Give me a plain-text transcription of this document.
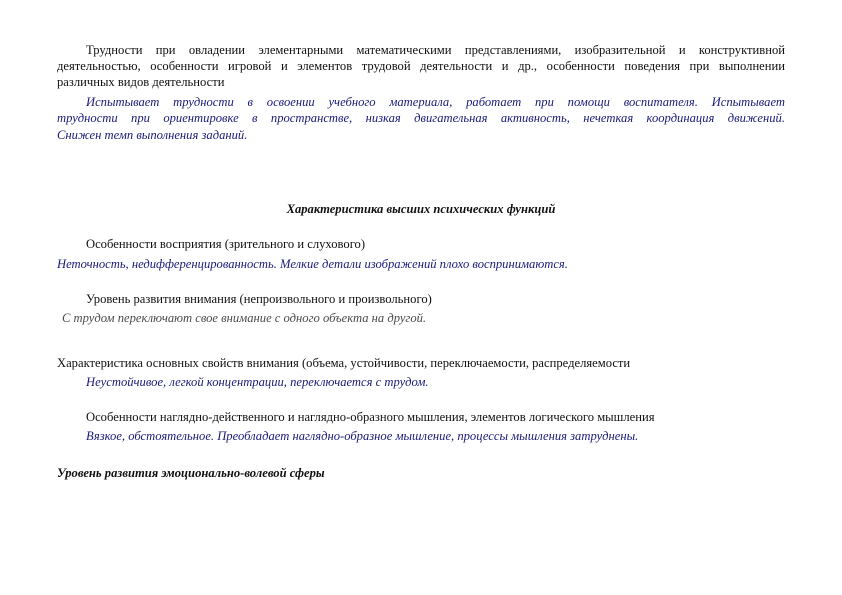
Трудности при овладении элементарными математическими представлениями, изобразительной и конструктивной
деятельностью, особенности игровой и элементов трудовой деятельности и др., особенности поведения при выполнении
различных видов деятельности
Испытывает трудности в освоении учебного материала, работает при помощи воспитателя. Испытывает
трудности при ориентировке в пространстве, низкая двигательная активность, нечеткая координация движений.
Снижен темп выполнения заданий.
Характеристика высших психических функций
Особенности восприятия (зрительного и слухового)
Неточность, недифференцированность. Мелкие детали изображений плохо воспринимаются.
Уровень развития внимания (непроизвольного и произвольного)
С трудом переключают свое внимание с одного объекта на другой.
Характеристика основных свойств внимания (объема, устойчивости, переключаемости, распределяемости
Неустойчивое, легкой концентрации, переключается с трудом.
Особенности наглядно-действенного и наглядно-образного мышления, элементов логического мышления
Вязкое, обстоятельное. Преобладает наглядно-образное мышление, процессы мышления затруднены.
Уровень развития эмоционально-волевой сферы
